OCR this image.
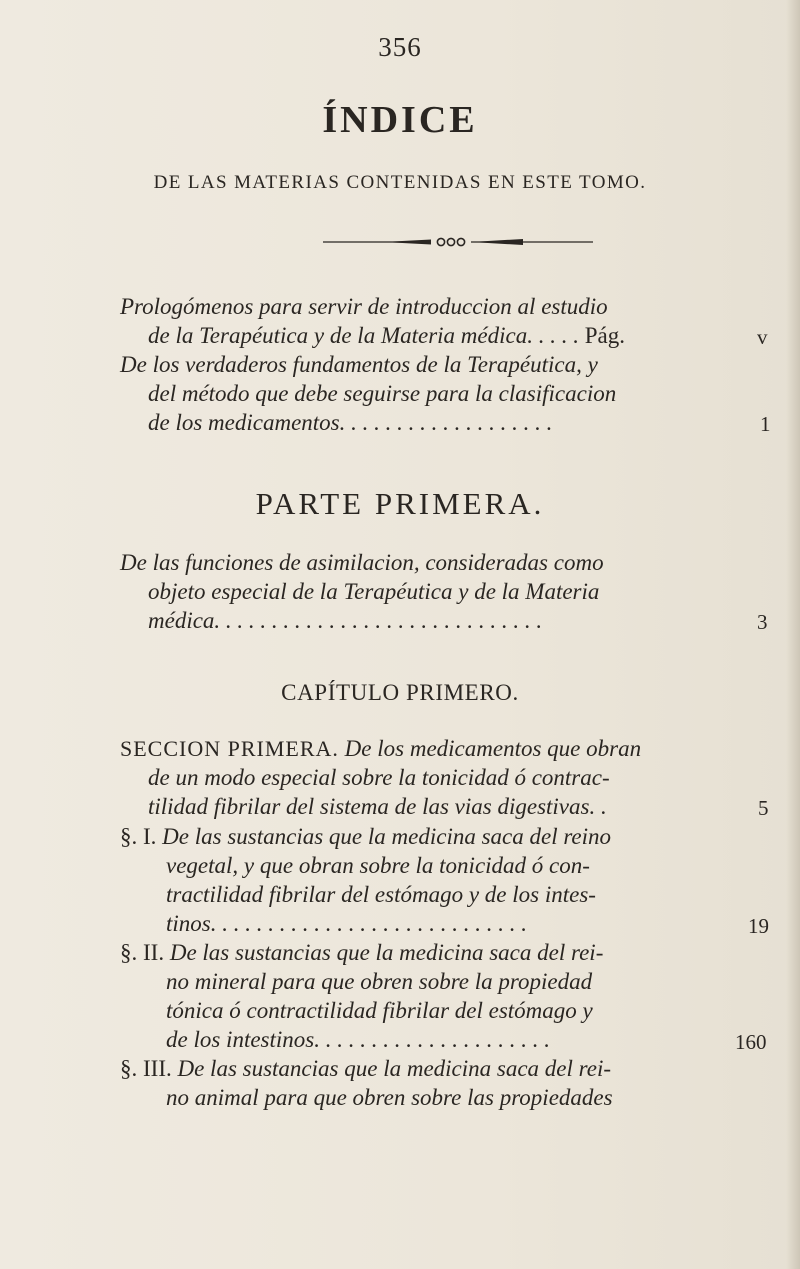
356
ÍNDICE
DE LAS MATERIAS CONTENIDAS EN ESTE TOMO.
Prologómenos para servir de introduccion al estudio
de la Terapéutica y de la Materia médica. . . . . Pág.	v
De los verdaderos fundamentos de la Terapéutica, y
del método que debe seguirse para la clasificacion
de los medicamentos. . . . . . . . . . . . . . . . . . .	1
PARTE PRIMERA.
De las funciones de asimilacion, consideradas como
objeto especial de la Terapéutica y de la Materia
médica. . . . . . . . . . . . . . . . . . . . . . . . . . . . .	3
CAPÍTULO PRIMERO.
SECCION PRIMERA. De los medicamentos que obran
de un modo especial sobre la tonicidad ó contrac-
tilidad fibrilar del sistema de las vias digestivas. .	5
§. I. De las sustancias que la medicina saca del reino
vegetal, y que obran sobre la tonicidad ó con-
tractilidad fibrilar del estómago y de los intes-
tinos. . . . . . . . . . . . . . . . . . . . . . . . . . . .	19
§. II. De las sustancias que la medicina saca del rei-
no mineral para que obren sobre la propiedad
tónica ó contractilidad fibrilar del estómago y
de los intestinos. . . . . . . . . . . . . . . . . . . . .	160
§. III. De las sustancias que la medicina saca del rei-
no animal para que obren sobre las propiedades
